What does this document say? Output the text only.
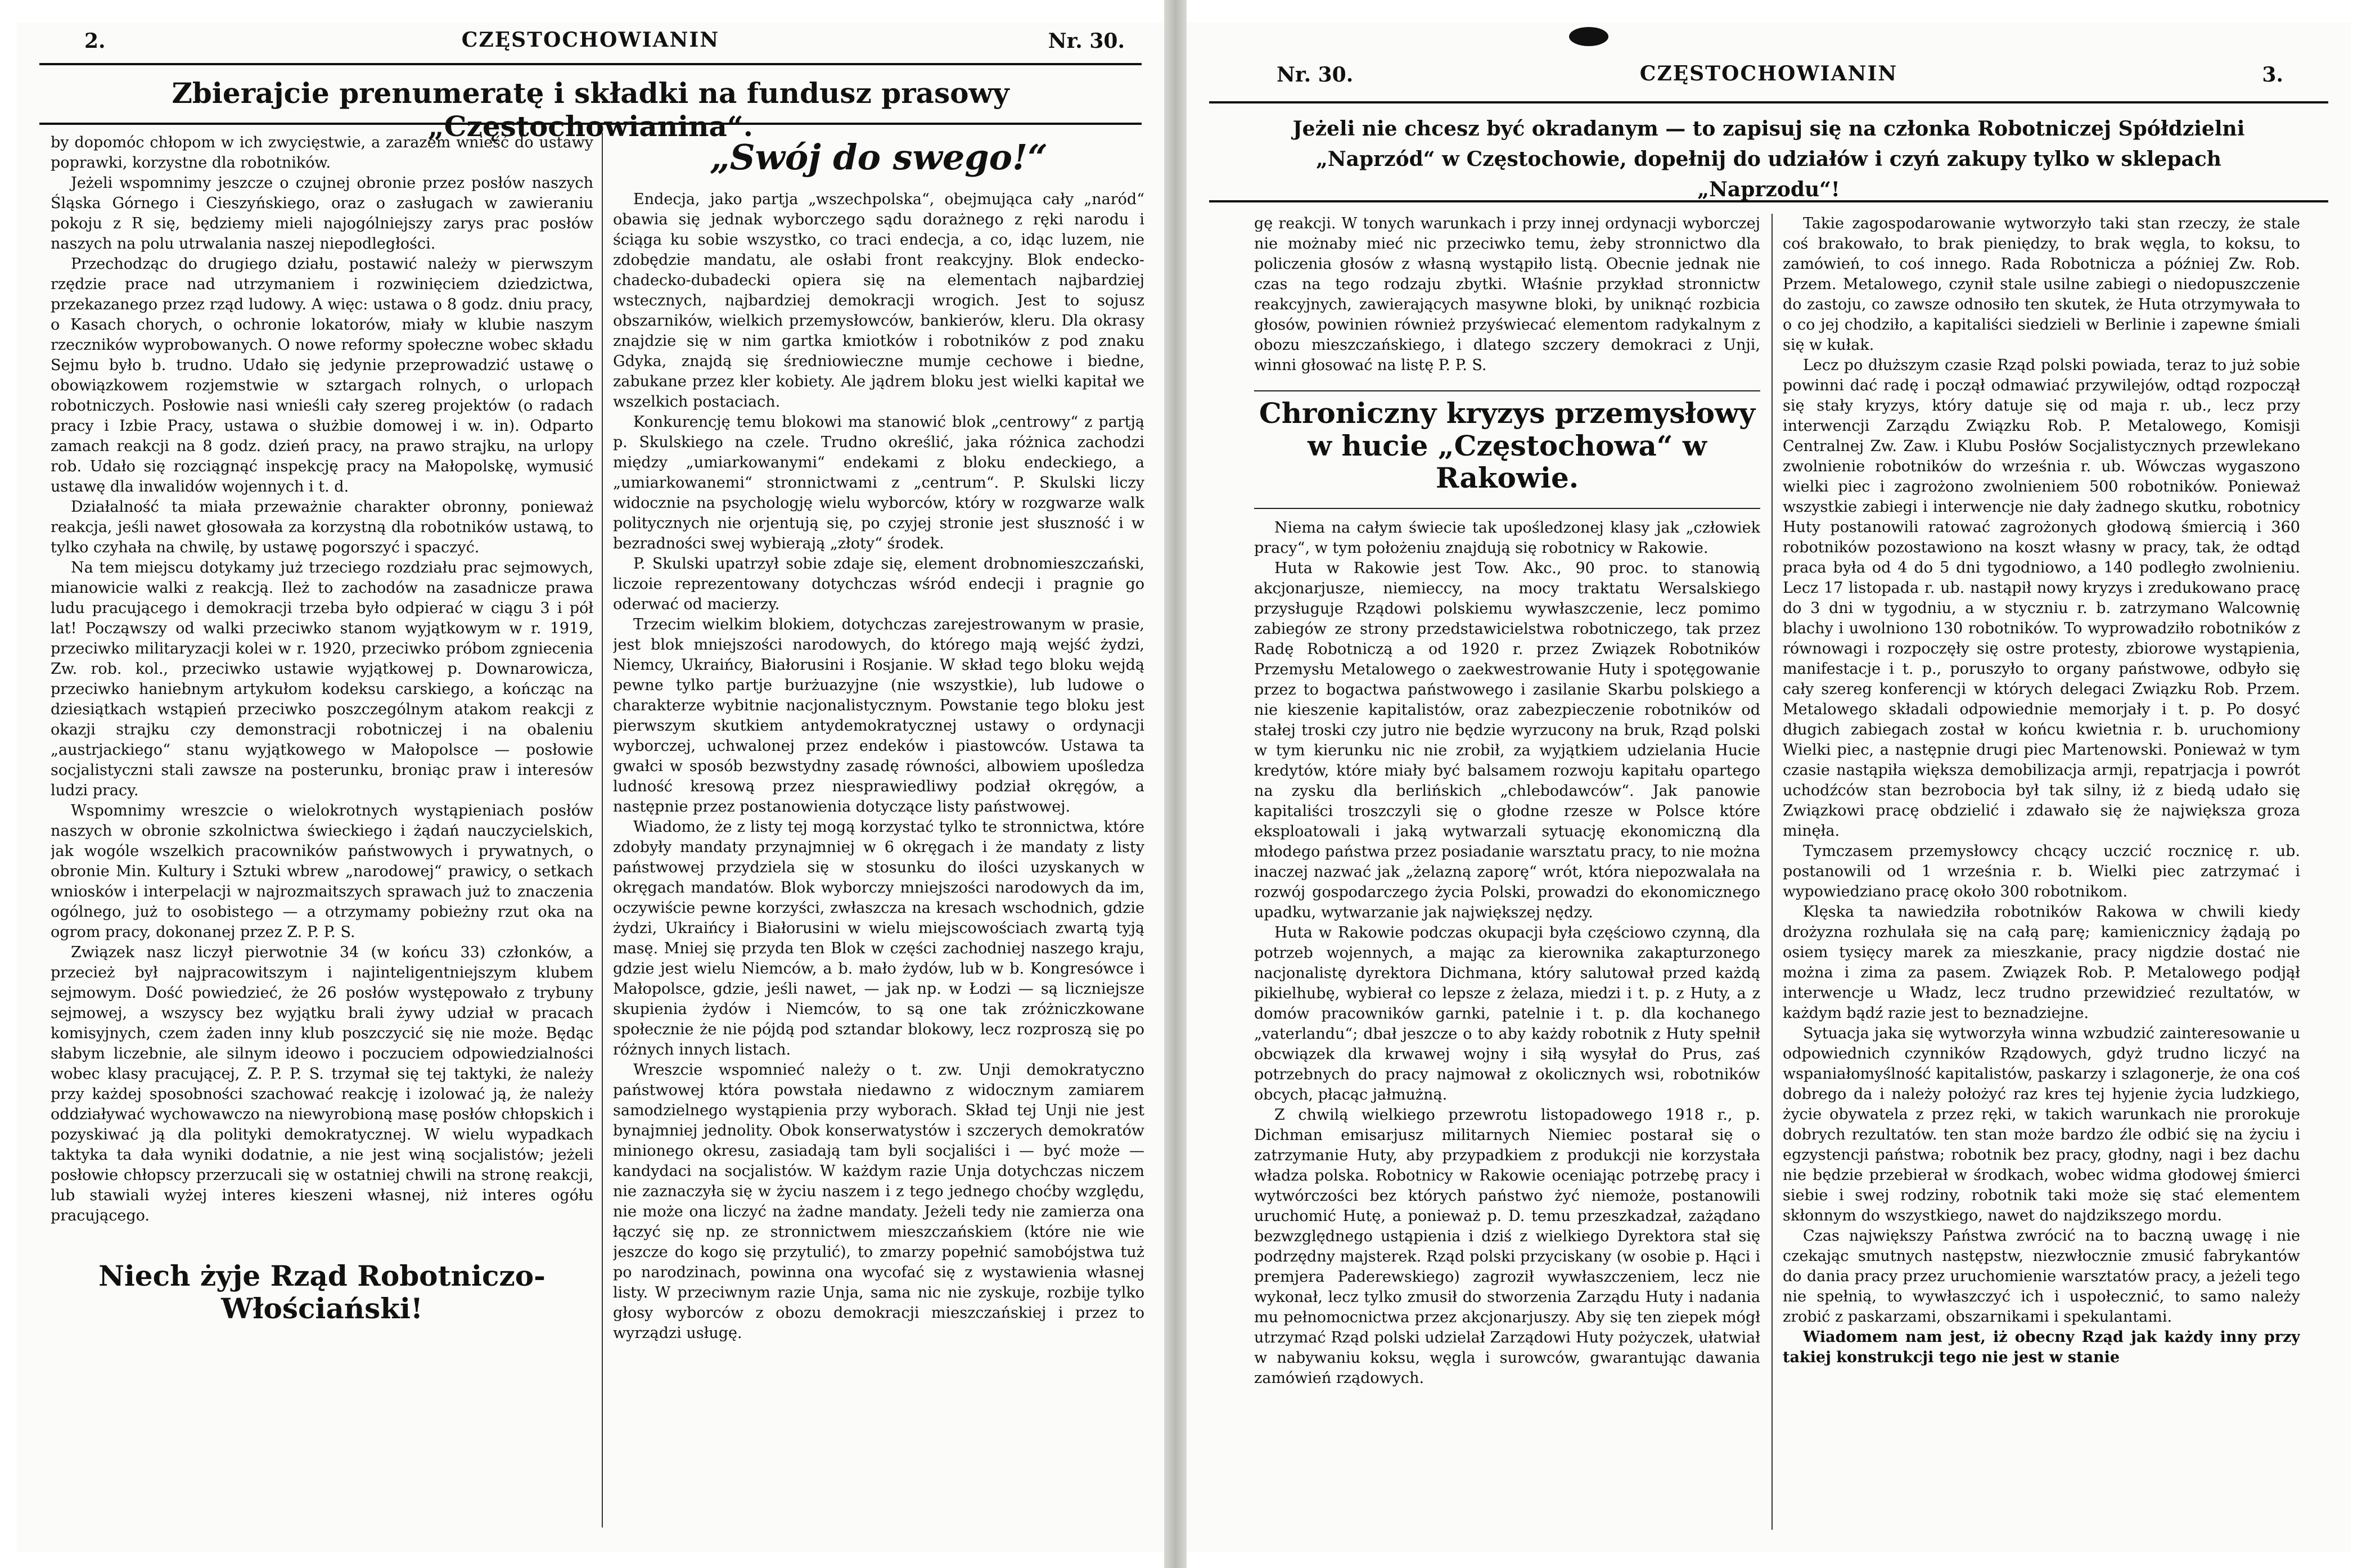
2.	CZĘSTOCHOWIANIN	Nr. 30.
Zbierajcie prenumeratę i składki na fundusz prasowy „Częstochowianina“.

by dopomóc chłopom w ich zwycięstwie, a zarazem wnieść do ustawy poprawki, korzystne dla robotników.

Jeżeli wspomnimy jeszcze o czujnej obronie przez posłów naszych Śląska Górnego i Cieszyńskiego, oraz o zasługach w zawieraniu pokoju z R się, będziemy mieli najogólniejszy zarys prac posłów naszych na polu utrwalania naszej niepodległości.

Przechodząc do drugiego działu, postawić należy w pierwszym rzędzie prace nad utrzymaniem i rozwinięciem dziedzictwa, przekazanego przez rząd ludowy. A więc: ustawa o 8 godz. dniu pracy, o Kasach chorych, o ochronie lokatorów, miały w klubie naszym rzeczników wyprobowanych. O nowe reformy społeczne wobec składu Sejmu było b. trudno. Udało się jedynie przeprowadzić ustawę o obowiązkowem rozjemstwie w sztargach rolnych, o urlopach robotniczych. Posłowie nasi wnieśli cały szereg projektów (o radach pracy i Izbie Pracy, ustawa o służbie domowej i w. in). Odparto zamach reakcji na 8 godz. dzień pracy, na prawo strajku, na urlopy rob. Udało się rozciągnąć inspekcję pracy na Małopolskę, wymusić ustawę dla inwalidów wojennych i t. d.

Działalność ta miała przeważnie charakter obronny, ponieważ reakcja, jeśli nawet głosowała za korzystną dla robotników ustawą, to tylko czyhała na chwilę, by ustawę pogorszyć i spaczyć.

Na tem miejscu dotykamy już trzeciego rozdziału prac sejmowych, mianowicie walki z reakcją. Ileż to zachodów na zasadnicze prawa ludu pracującego i demokracji trzeba było odpierać w ciągu 3 i pół lat! Począwszy od walki przeciwko stanom wyjątkowym w r. 1919, przeciwko militaryzacji kolei w r. 1920, przeciwko próbom zgniecenia Zw. rob. kol., przeciwko ustawie wyjątkowej p. Downarowicza, przeciwko haniebnym artykułom kodeksu carskiego, a kończąc na dziesiątkach wstąpień przeciwko poszczególnym atakom reakcji z okazji strajku czy demonstracji robotniczej i na obaleniu „austrjackiego“ stanu wyjątkowego w Małopolsce — posłowie socjalistyczni stali zawsze na posterunku, broniąc praw i interesów ludzi pracy.

Wspomnimy wreszcie o wielokrotnych wystąpieniach posłów naszych w obronie szkolnictwa świeckiego i żądań nauczycielskich, jak wogóle wszelkich pracowników państwowych i prywatnych, o obronie Min. Kultury i Sztuki wbrew „narodowej“ prawicy, o setkach wniosków i interpelacji w najrozmaitszych sprawach już to znaczenia ogólnego, już to osobistego — a otrzymamy pobieżny rzut oka na ogrom pracy, dokonanej przez Z. P. P. S.

Związek nasz liczył pierwotnie 34 (w końcu 33) członków, a przecież był najpracowitszym i najinteligentniejszym klubem sejmowym. Dość powiedzieć, że 26 posłów występowało z trybuny sejmowej, a wszyscy bez wyjątku brali żywy udział w pracach komisyjnych, czem żaden inny klub poszczycić się nie może. Będąc słabym liczebnie, ale silnym ideowo i poczuciem odpowiedzialności wobec klasy pracującej, Z. P. P. S. trzymał się tej taktyki, że należy przy każdej sposobności szachować reakcję i izolować ją, że należy oddziaływać wychowawczo na niewyrobioną masę posłów chłopskich i pozyskiwać ją dla polityki demokratycznej. W wielu wypadkach taktyka ta dała wyniki dodatnie, a nie jest winą socjalistów; jeżeli posłowie chłopscy przerzucali się w ostatniej chwili na stronę reakcji, lub stawiali wyżej interes kieszeni własnej, niż interes ogółu pracującego.

Niech żyje Rząd Robotniczo-Włościański!
„Swój do swego!“

Endecja, jako partja „wszechpolska“, obejmująca cały „naród“ obawia się jednak wyborczego sądu dorażnego z ręki narodu i ściąga ku sobie wszystko, co traci endecja, a co, idąc luzem, nie zdobędzie mandatu, ale osłabi front reakcyjny. Blok endecko-chadecko-dubadecki opiera się na elementach najbardziej wstecznych, najbardziej demokracji wrogich. Jest to sojusz obszarników, wielkich przemysłowców, bankierów, kleru. Dla okrasy znajdzie się w nim gartka kmiotków i robotników z pod znaku Gdyka, znajdą się średniowieczne mumje cechowe i biedne, zabukane przez kler kobiety. Ale jądrem bloku jest wielki kapitał we wszelkich postaciach.

Konkurencję temu blokowi ma stanowić blok „centrowy“ z partją p. Skulskiego na czele. Trudno określić, jaka różnica zachodzi między „umiarkowanymi“ endekami z bloku endeckiego, a „umiarkowanemi“ stronnictwami z „centrum“. P. Skulski liczy widocznie na psychologję wielu wyborców, który w rozgwarze walk politycznych nie orjentują się, po czyjej stronie jest słuszność i w bezradności swej wybierają „złoty“ środek.

P. Skulski upatrzył sobie zdaje się, element drobnomieszczański, liczoie reprezentowany dotychczas wśród endecji i pragnie go oderwać od macierzy.

Trzecim wielkim blokiem, dotychczas zarejestrowanym w prasie, jest blok mniejszości narodowych, do którego mają wejść żydzi, Niemcy, Ukraińcy, Białorusini i Rosjanie. W skład tego bloku wejdą pewne tylko partje burżuazyjne (nie wszystkie), lub ludowe o charakterze wybitnie nacjonalistycznym. Powstanie tego bloku jest pierwszym skutkiem antydemokratycznej ustawy o ordynacji wyborczej, uchwalonej przez endeków i piastowców. Ustawa ta gwałci w sposób bezwstydny zasadę równości, albowiem upośledza ludność kresową przez niesprawiedliwy podział okręgów, a następnie przez postanowienia dotyczące listy państwowej.

Wiadomo, że z listy tej mogą korzystać tylko te stronnictwa, które zdobyły mandaty przynajmniej w 6 okręgach i że mandaty z listy państwowej przydziela się w stosunku do ilości uzyskanych w okręgach mandatów. Blok wyborczy mniejszości narodowych da im, oczywiście pewne korzyści, zwłaszcza na kresach wschodnich, gdzie żydzi, Ukraińcy i Białorusini w wielu miejscowościach zwartą tyją masę. Mniej się przyda ten Blok w części zachodniej naszego kraju, gdzie jest wielu Niemców, a b. mało żydów, lub w b. Kongresówce i Małopolsce, gdzie, jeśli nawet, — jak np. w Łodzi — są liczniejsze skupienia żydów i Niemców, to są one tak zróżniczkowane społecznie że nie pójdą pod sztandar blokowy, lecz rozproszą się po różnych innych listach.

Wreszcie wspomnieć należy o t. zw. Unji demokratyczno państwowej która powstała niedawno z widocznym zamiarem samodzielnego wystąpienia przy wyborach. Skład tej Unji nie jest bynajmniej jednolity. Obok konserwatystów i szczerych demokratów minionego okresu, zasiadają tam byli socjaliści i — być może — kandydaci na socjalistów. W każdym razie Unja dotychczas niczem nie zaznaczyła się w życiu naszem i z tego jednego choćby względu, nie może ona liczyć na żadne mandaty. Jeżeli tedy nie zamierza ona łączyć się np. ze stronnictwem mieszczańskiem (które nie wie jeszcze do kogo się przytulić), to zmarzy popełnić samobójstwa tuż po narodzinach, powinna ona wycofać się z wystawienia własnej listy. W przeciwnym razie Unja, sama nic nie zyskuje, rozbije tylko głosy wyborców z obozu demokracji mieszczańskiej i przez to wyrządzi usługę.

Nr. 30.	CZĘSTOCHOWIANIN	3.
Jeżeli nie chcesz być okradanym — to zapisuj się na członka Robotniczej Spółdzielni „Naprzód“ w Częstochowie, dopełnij do udziałów i czyń zakupy tylko w sklepach „Naprzodu“!

gę reakcji. W tonych warunkach i przy innej ordynacji wyborczej nie możnaby mieć nic przeciwko temu, żeby stronnictwo dla policzenia głosów z własną wystąpiło listą. Obecnie jednak nie czas na tego rodzaju zbytki. Właśnie przykład stronnictw reakcyjnych, zawierających masywne bloki, by uniknąć rozbicia głosów, powinien również przyświecać elementom radykalnym z obozu mieszczańskiego, i dlatego szczery demokraci z Unji, winni głosować na listę P. P. S.

Chroniczny kryzys przemysłowy w hucie „Częstochowa“ w Rakowie.

Niema na całym świecie tak upośledzonej klasy jak „człowiek pracy“, w tym położeniu znajdują się robotnicy w Rakowie.

Huta w Rakowie jest Tow. Akc., 90 proc. to stanowią akcjonarjusze, niemieccy, na mocy traktatu Wersalskiego przysługuje Rządowi polskiemu wywłaszczenie, lecz pomimo zabiegów ze strony przedstawicielstwa robotniczego, tak przez Radę Robotniczą a od 1920 r. przez Związek Robotników Przemysłu Metalowego o zaekwestrowanie Huty i spotęgowanie przez to bogactwa państwowego i zasilanie Skarbu polskiego a nie kieszenie kapitalistów, oraz zabezpieczenie robotników od stałej troski czy jutro nie będzie wyrzucony na bruk, Rząd polski w tym kierunku nic nie zrobił, za wyjątkiem udzielania Hucie kredytów, które miały być balsamem rozwoju kapitału opartego na zysku dla berlińskich „chlebodawców“. Jak panowie kapitaliści troszczyli się o głodne rzesze w Polsce które eksploatowali i jaką wytwarzali sytuację ekonomiczną dla młodego państwa przez posiadanie warsztatu pracy, to nie można inaczej nazwać jak „żelazną zaporę“ wrót, która niepozwalała na rozwój gospodarczego życia Polski, prowadzi do ekonomicznego upadku, wytwarzanie jak największej nędzy.

Huta w Rakowie podczas okupacji była częściowo czynną, dla potrzeb wojennych, a mając za kierownika zakapturzonego nacjonalistę dyrektora Dichmana, który salutował przed każdą pikielhubę, wybierał co lepsze z żelaza, miedzi i t. p. z Huty, a z domów pracowników garnki, patelnie i t. p. dla kochanego „vaterlandu“; dbał jeszcze o to aby każdy robotnik z Huty spełnił obcwiązek dla krwawej wojny i siłą wysyłał do Prus, zaś potrzebnych do pracy najmował z okolicznych wsi, robotników obcych, płacąc jałmużną.

Z chwilą wielkiego przewrotu listopadowego 1918 r., p. Dichman emisarjusz militarnych Niemiec postarał się o zatrzymanie Huty, aby przypadkiem z produkcji nie korzystała władza polska. Robotnicy w Rakowie oceniając potrzebę pracy i wytwórczości bez których państwo żyć niemoże, postanowili uruchomić Hutę, a ponieważ p. D. temu przeszkadzał, zażądano bezwzględnego ustąpienia i dziś z wielkiego Dyrektora stał się podrzędny majsterek. Rząd polski przyciskany (w osobie p. Hąci i premjera Paderewskiego) zagroził wywłaszczeniem, lecz nie wykonał, lecz tylko zmusił do stworzenia Zarządu Huty i nadania mu pełnomocnictwa przez akcjonarjuszy. Aby się ten ziepek mógł utrzymać Rząd polski udzielał Zarządowi Huty pożyczek, ułatwiał w nabywaniu koksu, węgla i surowców, gwarantując dawania zamówień rządowych.

Takie zagospodarowanie wytworzyło taki stan rzeczy, że stale coś brakowało, to brak pieniędzy, to brak węgla, to koksu, to zamówień, to coś innego. Rada Robotnicza a później Zw. Rob. Przem. Metalowego, czynił stale usilne zabiegi o niedopuszczenie do zastoju, co zawsze odnosiło ten skutek, że Huta otrzymywała to o co jej chodziło, a kapitaliści siedzieli w Berlinie i zapewne śmiali się w kułak.

Lecz po dłuższym czasie Rząd polski powiada, teraz to już sobie powinni dać radę i począł odmawiać przywilejów, odtąd rozpoczął się stały kryzys, który datuje się od maja r. ub., lecz przy interwencji Zarządu Związku Rob. P. Metalowego, Komisji Centralnej Zw. Zaw. i Klubu Posłów Socjalistycznych przewlekano zwolnienie robotników do września r. ub. Wówczas wygaszono wielki piec i zagrożono zwolnieniem 500 robotników. Ponieważ wszystkie zabiegi i interwencje nie dały żadnego skutku, robotnicy Huty postanowili ratować zagrożonych głodową śmiercią i 360 robotników pozostawiono na koszt własny w pracy, tak, że odtąd praca była od 4 do 5 dni tygodniowo, a 140 podległo zwolnieniu. Lecz 17 listopada r. ub. nastąpił nowy kryzys i zredukowano pracę do 3 dni w tygodniu, a w styczniu r. b. zatrzymano Walcownię blachy i uwolniono 130 robotników. To wyprowadziło robotników z równowagi i rozpoczęły się ostre protesty, zbiorowe wystąpienia, manifestacje i t. p., poruszyło to organy państwowe, odbyło się cały szereg konferencji w których delegaci Związku Rob. Przem. Metalowego składali odpowiednie memorjały i t. p. Po dosyć długich zabiegach został w końcu kwietnia r. b. uruchomiony Wielki piec, a następnie drugi piec Martenowski. Ponieważ w tym czasie nastąpiła większa demobilizacja armji, repatrjacja i powrót uchodźców stan bezrobocia był tak silny, iż z biedą udało się Związkowi pracę obdzielić i zdawało się że największa groza minęła.

Tymczasem przemysłowcy chcący uczcić rocznicę r. ub. postanowili od 1 września r. b. Wielki piec zatrzymać i wypowiedziano pracę około 300 robotnikom.

Klęska ta nawiedziła robotników Rakowa w chwili kiedy drożyzna rozhulała się na całą parę; kamienicznicy żądają po osiem tysięcy marek za mieszkanie, pracy nigdzie dostać nie można i zima za pasem. Związek Rob. P. Metalowego podjął interwencje u Władz, lecz trudno przewidzieć rezultatów, w każdym bądź razie jest to beznadziejne.

Sytuacja jaka się wytworzyła winna wzbudzić zainteresowanie u odpowiednich czynników Rządowych, gdyż trudno liczyć na wspaniałomyślność kapitalistów, paskarzy i szlagonerje, że ona coś dobrego da i należy położyć raz kres tej hyjenie życia ludzkiego, życie obywatela z przez ręki, w takich warunkach nie prorokuje dobrych rezultatów. ten stan może bardzo źle odbić się na życiu i egzystencji państwa; robotnik bez pracy, głodny, nagi i bez dachu nie będzie przebierał w środkach, wobec widma głodowej śmierci siebie i swej rodziny, robotnik taki może się stać elementem skłonnym do wszystkiego, nawet do najdzikszego mordu.

Czas największy Państwa zwrócić na to baczną uwagę i nie czekając smutnych następstw, niezwłocznie zmusić fabrykantów do dania pracy przez uruchomienie warsztatów pracy, a jeżeli tego nie spełnią, to wywłaszczyć ich i uspołecznić, to samo należy zrobić z paskarzami, obszarnikami i spekulantami.

Wiadomem nam jest, iż obecny Rząd jak każdy inny przy takiej konstrukcji tego nie jest w stanie
